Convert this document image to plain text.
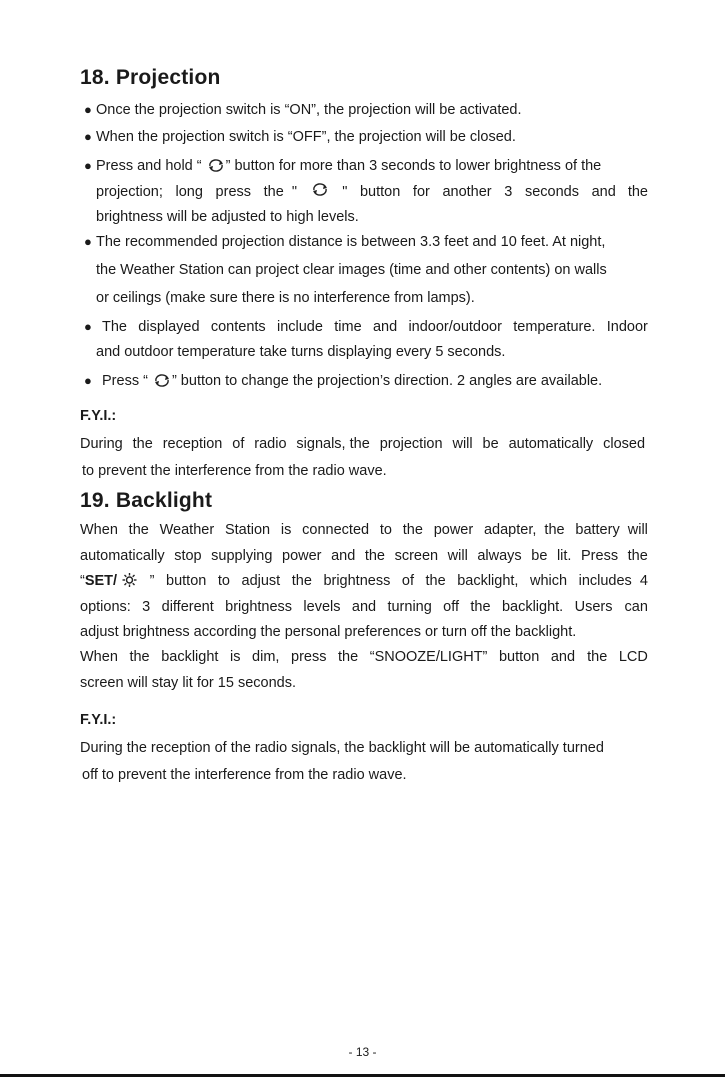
18. Projection
● Once the projection switch is “ON”, the projection will be activated.
● When the projection switch is “OFF”, the projection will be closed.
● Press and hold “ ” button for more than 3 seconds to lower brightness of the
projection; long press the  "	" button for another 3 seconds and   the
brightness will be adjusted to high levels.
● The recommended projection distance is between 3.3 feet and 10 feet. At night,
the Weather Station can project clear images (time and other contents) on walls
or ceilings (make sure there is no interference from lamps).
● The displayed contents include time and indoor/outdoor temperature. Indoor
and outdoor temperature take turns displaying every 5 seconds.
● Press “ ” button to change the projection’s direction. 2 angles are available.
F.Y.I.:
During the reception of radio signals, the projection will be automatically closed
to prevent the interference from the radio wave.
19. Backlight
When the Weather Station is connected to the power adapter,  the battery  will
automatically stop supplying power and the screen will always be lit. Press the
“SET/	” button to adjust the brightness of the backlight, which includes  4
options: 3 different brightness levels and turning off the backlight. Users   can
adjust brightness according the personal preferences or turn off the backlight.
When the backlight is dim, press the “SNOOZE/LIGHT” button and   the LCD
screen will stay lit for 15 seconds.
F.Y.I.:
During the reception of the radio signals, the backlight will be automatically turned
off to prevent the interference from the radio wave.
- 13 -
